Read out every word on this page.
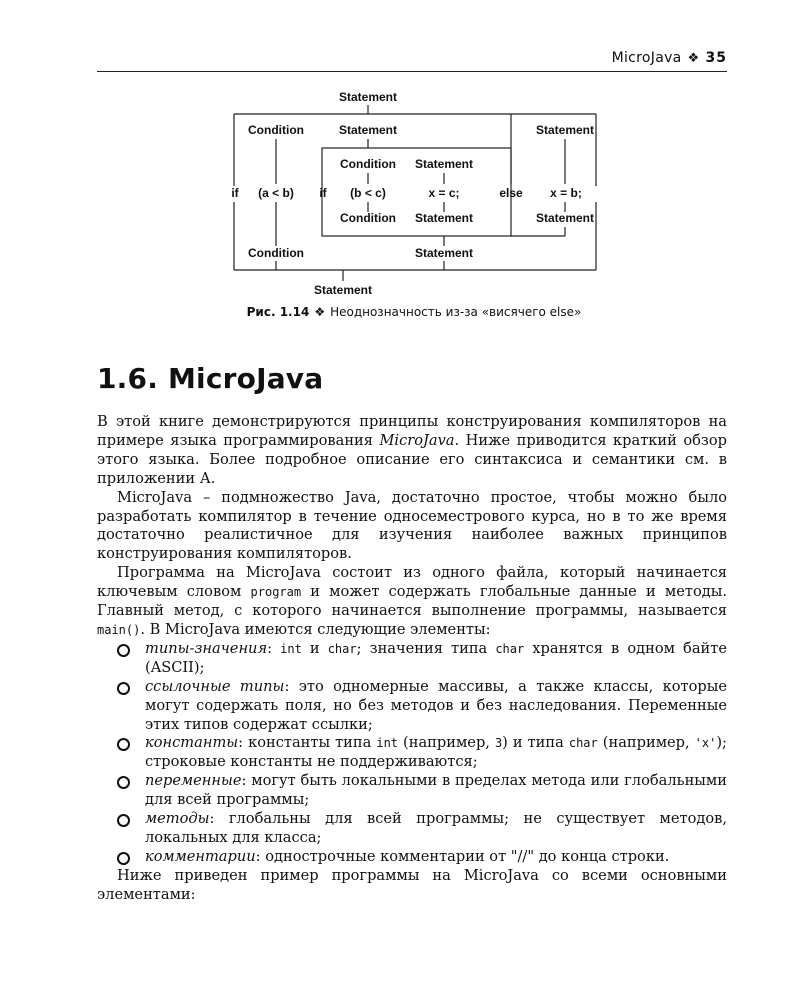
MicroJava ❖ 35
Statement
Condition	Statement	Statement
Condition Statement
if (a < b) if (b < c)	x = c;	else x = b;
Condition Statement	Statement
Condition	Statement
Statement
Рис. 1.14 ❖ Неоднозначность из-за «висячего else»
1.6. MicroJava

В этой книге демонстрируются принципы конструирования компиляторов на примере языка программирования MicroJava. Ниже приводится краткий обзор этого языка. Более подробное описание его синтаксиса и семантики см. в приложении А.

MicroJava – подмножество Java, достаточно простое, чтобы можно было разработать компилятор в течение односеместрового курса, но в то же время достаточно реалистичное для изучения наиболее важных принципов конструирования компиляторов.

Программа на MicroJava состоит из одного файла, который начинается ключевым словом program и может содержать глобальные данные и методы. Главный метод, с которого начинается выполнение программы, называется main(). В MicroJava имеются следующие элементы:

типы-значения: int и char; значения типа char хранятся в одном байте (ASCII);
ссылочные типы: это одномерные массивы, а также классы, которые могут содержать поля, но без методов и без наследования. Переменные этих типов содержат ссылки;
константы: константы типа int (например, 3) и типа char (например, 'x'); строковые константы не поддерживаются;
переменные: могут быть локальными в пределах метода или глобальными для всей программы;
методы: глобальны для всей программы; не существует методов, локальных для класса;
комментарии: однострочные комментарии от "//" до конца строки.

Ниже приведен пример программы на MicroJava со всеми основными элементами:
